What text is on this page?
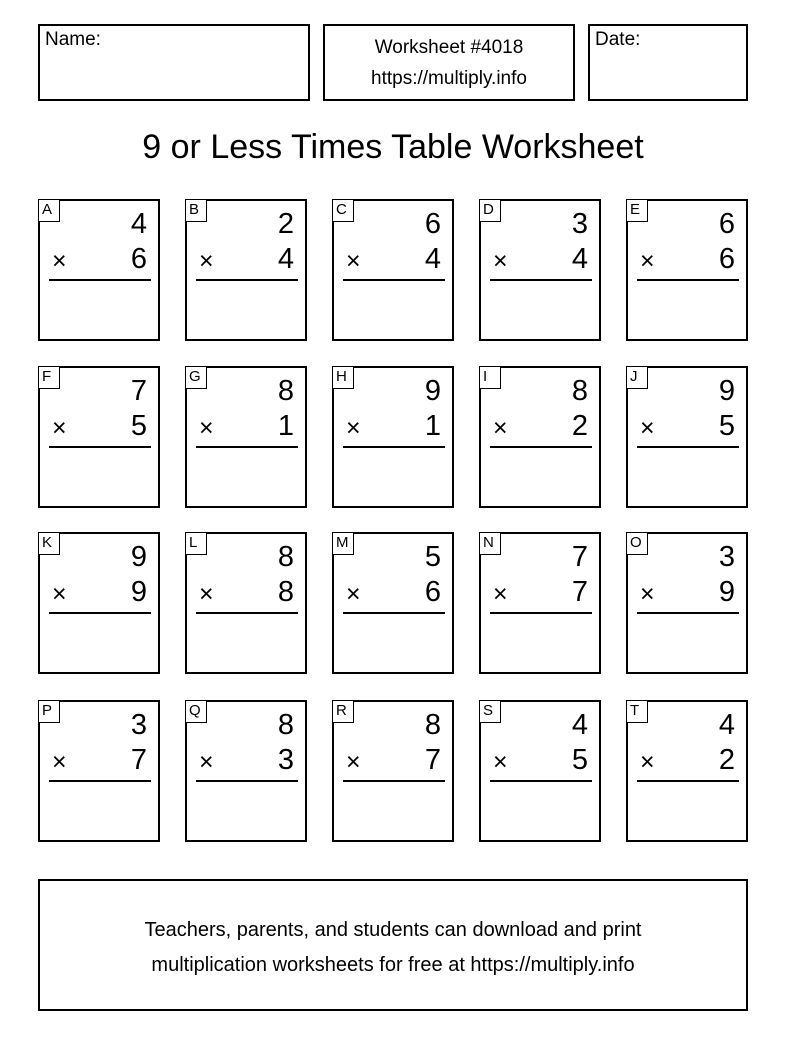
Name:	Worksheet #4018
https://multiply.info
Date:
9 or Less Times Table Worksheet
A	4
× 6
B	2
× 4
C	6
× 4
D	3
× 4
E	6
× 6
F	7
× 5
G	8
× 1
H	9
× 1
I	8
× 2
J	9
× 5
K	9
× 9
L	8
× 8
M	5
× 6
N	7
× 7
O	3
× 9
P	3
× 7
Q	8
× 3
R	8
× 7
S	4
× 5
T	4
× 2
Teachers, parents, and students can download and print
multiplication worksheets for free at https://multiply.info
